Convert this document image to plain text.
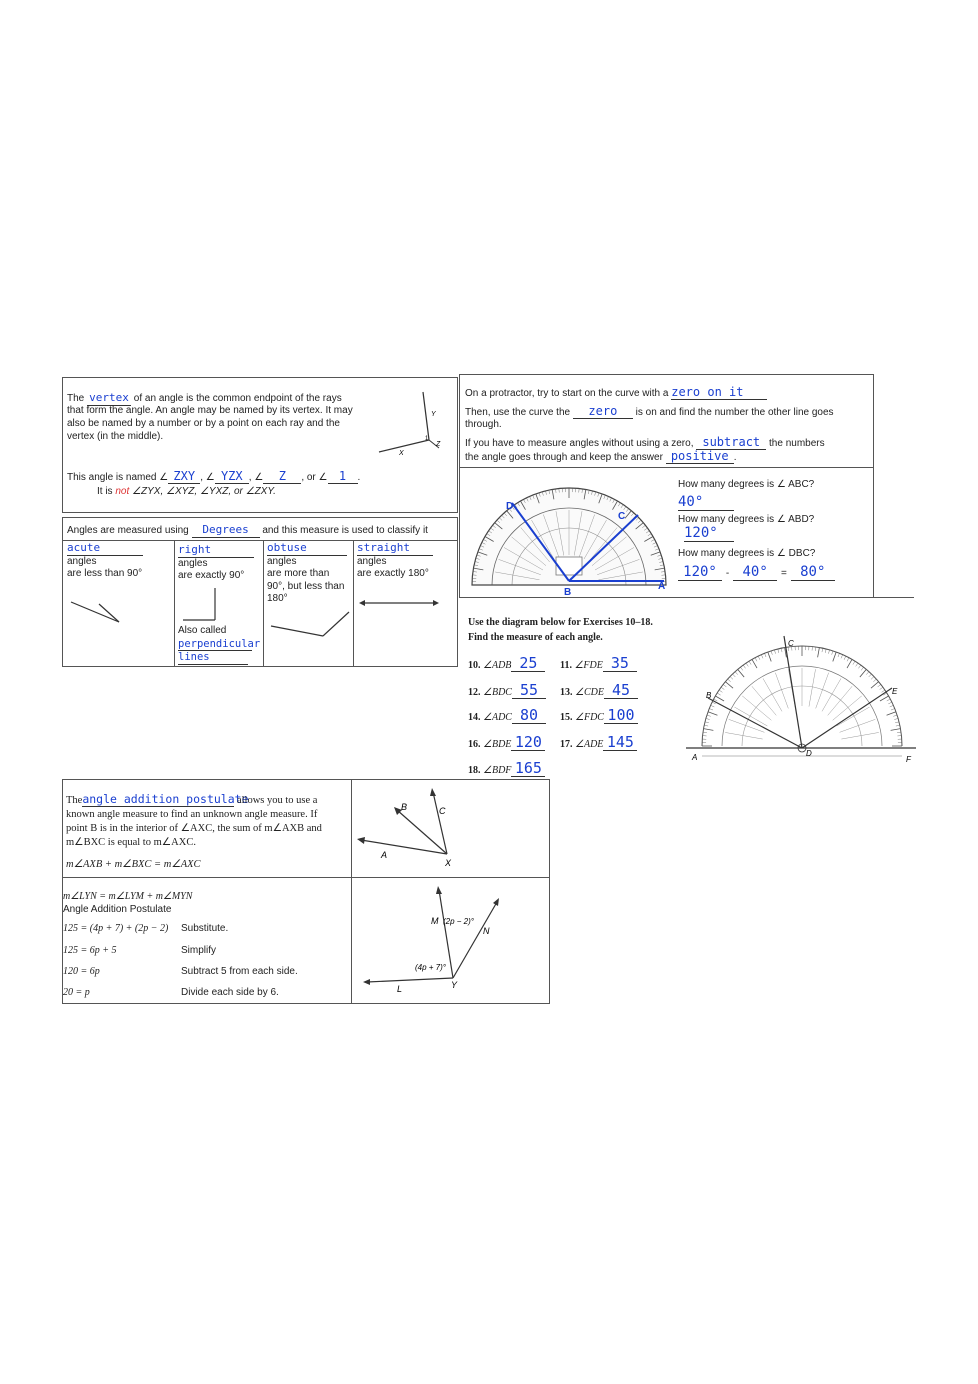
The vertex of an angle is the common endpoint of the rays
that form the angle. An angle may be named by its vertex. It may
also be named by a number or by a point on each ray and the
vertex (in the middle).
Y
X
Z
1
This angle is named ∠ ZXY , ∠ YZX , ∠ Z , or ∠ 1 .
It is not ∠ZYX, ∠XYZ, ∠YXZ, or ∠ZXY.
Angles are measured using Degrees and this measure is used to classify it
acute
angles
are less than 90°
right
angles
are exactly 90°
Also called
perpendicular
lines
obtuse
angles
are more than
90°, but less than
180°
straight
angles
are exactly 180°
On a protractor, try to start on the curve with a zero on it
Then, use the curve the zero is on and find the number the other line goes
through.
If you have to measure angles without using a zero, subtract the numbers
the angle goes through and keep the answer positive .
B
A
C
D
How many degrees is ∠ ABC?
40°
How many degrees is ∠ ABD?
120°
How many degrees is ∠ DBC?
120° - 40° = 80°
Use the diagram below for Exercises 10–18.
Find the measure of each angle.
10. ∠ADB 25	11. ∠FDE 35
12. ∠BDC 55	13. ∠CDE 45
14. ∠ADC 80	15. ∠FDC 100
16. ∠BDE 120	17. ∠ADE 145
18. ∠BDF 165
A
B
C
D
E
F
Theangle addition postulate allows you to use a
known angle measure to find an unknown angle measure. If
point B is in the interior of ∠AXC, the sum of m∠AXB and
m∠BXC is equal to m∠AXC.
m∠AXB + m∠BXC = m∠AXC
A
B	C
X
m∠LYN = m∠LYM + m∠MYN
Angle Addition Postulate
125 = (4p + 7) + (2p − 2) Substitute.
125 = 6p + 5	Simplify
120 = 6p	Subtract 5 from each side.
20 = p	Divide each side by 6.
M (2p − 2)°
N
(4p + 7)°
L	Y
